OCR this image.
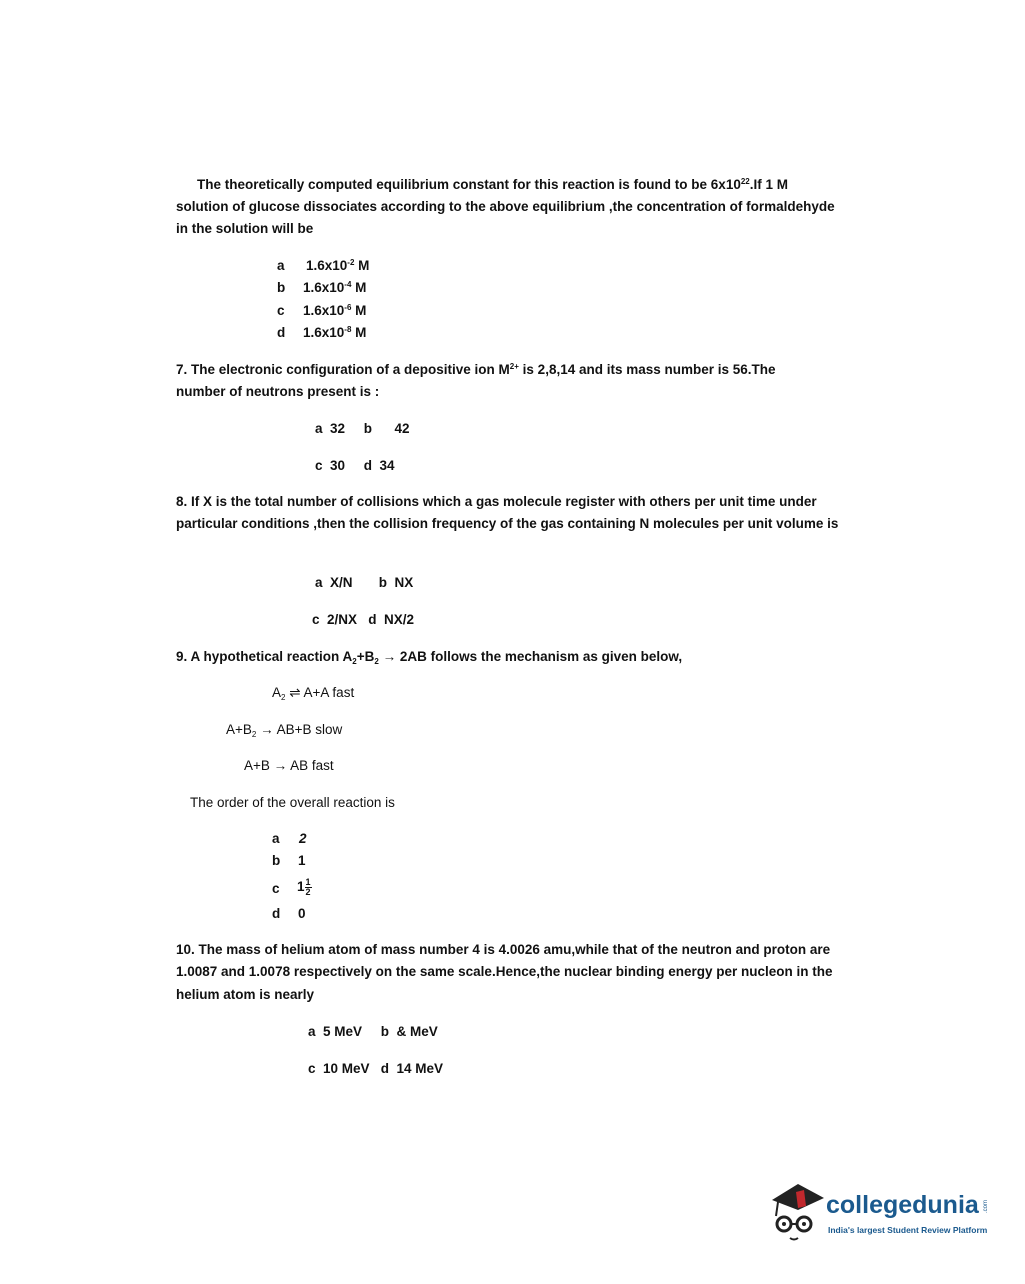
The theoretically computed equilibrium constant for this reaction is found to be $6x10^{22}.If$ 1 M
solution of glucose dissociates according to the above equilibrium ,the concentration of formaldehyde
in the solution will be
a $1.6x10^{-2}$ M
b $1.6x10^{-4}$ M
c $1.6x10^{-6}$ M
d $1.6x10^{-8}$ M
7. The electronic configuration of a depositive ion $M^{2+}$ is 2,8,14 and its mass number is 56.The
number of neutrons present is :
a  32     b      42
c  30     d  34
8. If X is the total number of collisions which a gas molecule register with others per unit time under particular conditions ,then the collision frequency of the gas containing N molecules per unit volume is
a  X/N       b  NX
c  2/NX   d  NX/2
9. A hypothetical reaction $A_2+B_2 \to 2AB$ follows the mechanism as given below,
$A_2$ ⇌ A+A fast
$A+B_2 \to AB+B$ slow
A+B → AB fast
The order of the overall reaction is
a 2
b 1
c $1 \frac{1}{2}$
d 0
10. The mass of helium atom of mass number 4 is 4.0026 amu,while that of the neutron and proton are 1.0087 and 1.0078 respectively on the same scale.Hence,the nuclear binding energy per nucleon in the helium atom is nearly
a  5 MeV     b  & MeV
c  10 MeV   d  14 MeV
collegedunia .com
India's largest Student Review Platform
